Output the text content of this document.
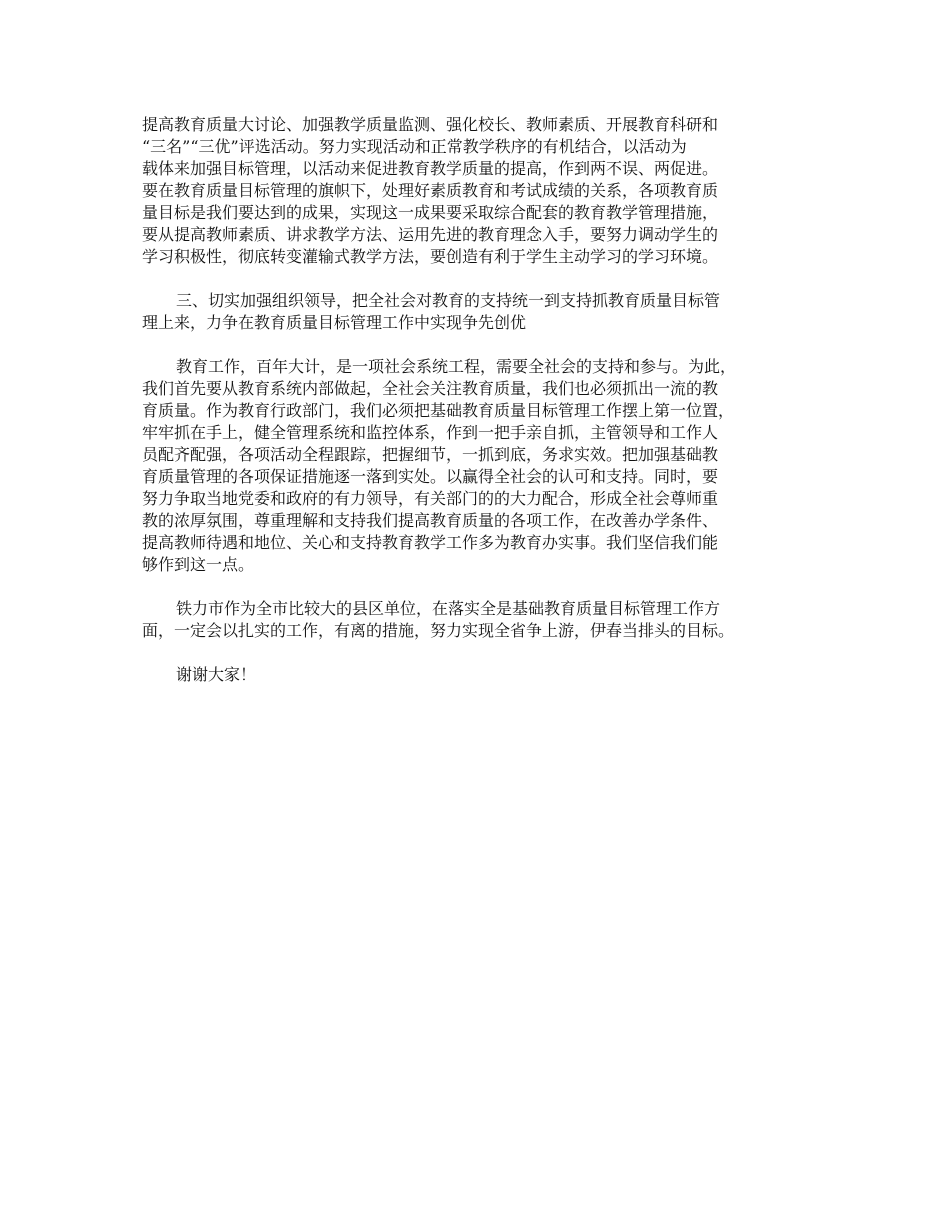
提高教育质量大讨论、加强教学质量监测、强化校长、教师素质、开展教育科研和
“三名”“三优”评选活动。努力实现活动和正常教学秩序的有机结合，以活动为
载体来加强目标管理，以活动来促进教育教学质量的提高，作到两不误、两促进。
要在教育质量目标管理的旗帜下，处理好素质教育和考试成绩的关系，各项教育质
量目标是我们要达到的成果，实现这一成果要采取综合配套的教育教学管理措施，
要从提高教师素质、讲求教学方法、运用先进的教育理念入手，要努力调动学生的
学习积极性，彻底转变灌输式教学方法，要创造有利于学生主动学习的学习环境。
三、切实加强组织领导，把全社会对教育的支持统一到支持抓教育质量目标管
理上来，力争在教育质量目标管理工作中实现争先创优
教育工作，百年大计，是一项社会系统工程，需要全社会的支持和参与。为此，
我们首先要从教育系统内部做起，全社会关注教育质量，我们也必须抓出一流的教
育质量。作为教育行政部门，我们必须把基础教育质量目标管理工作摆上第一位置，
牢牢抓在手上，健全管理系统和监控体系，作到一把手亲自抓，主管领导和工作人
员配齐配强，各项活动全程跟踪，把握细节，一抓到底，务求实效。把加强基础教
育质量管理的各项保证措施逐一落到实处。以赢得全社会的认可和支持。同时，要
努力争取当地党委和政府的有力领导，有关部门的的大力配合，形成全社会尊师重
教的浓厚氛围，尊重理解和支持我们提高教育质量的各项工作，在改善办学条件、
提高教师待遇和地位、关心和支持教育教学工作多为教育办实事。我们坚信我们能
够作到这一点。
铁力市作为全市比较大的县区单位，在落实全是基础教育质量目标管理工作方
面，一定会以扎实的工作，有离的措施，努力实现全省争上游，伊春当排头的目标。
谢谢大家！
